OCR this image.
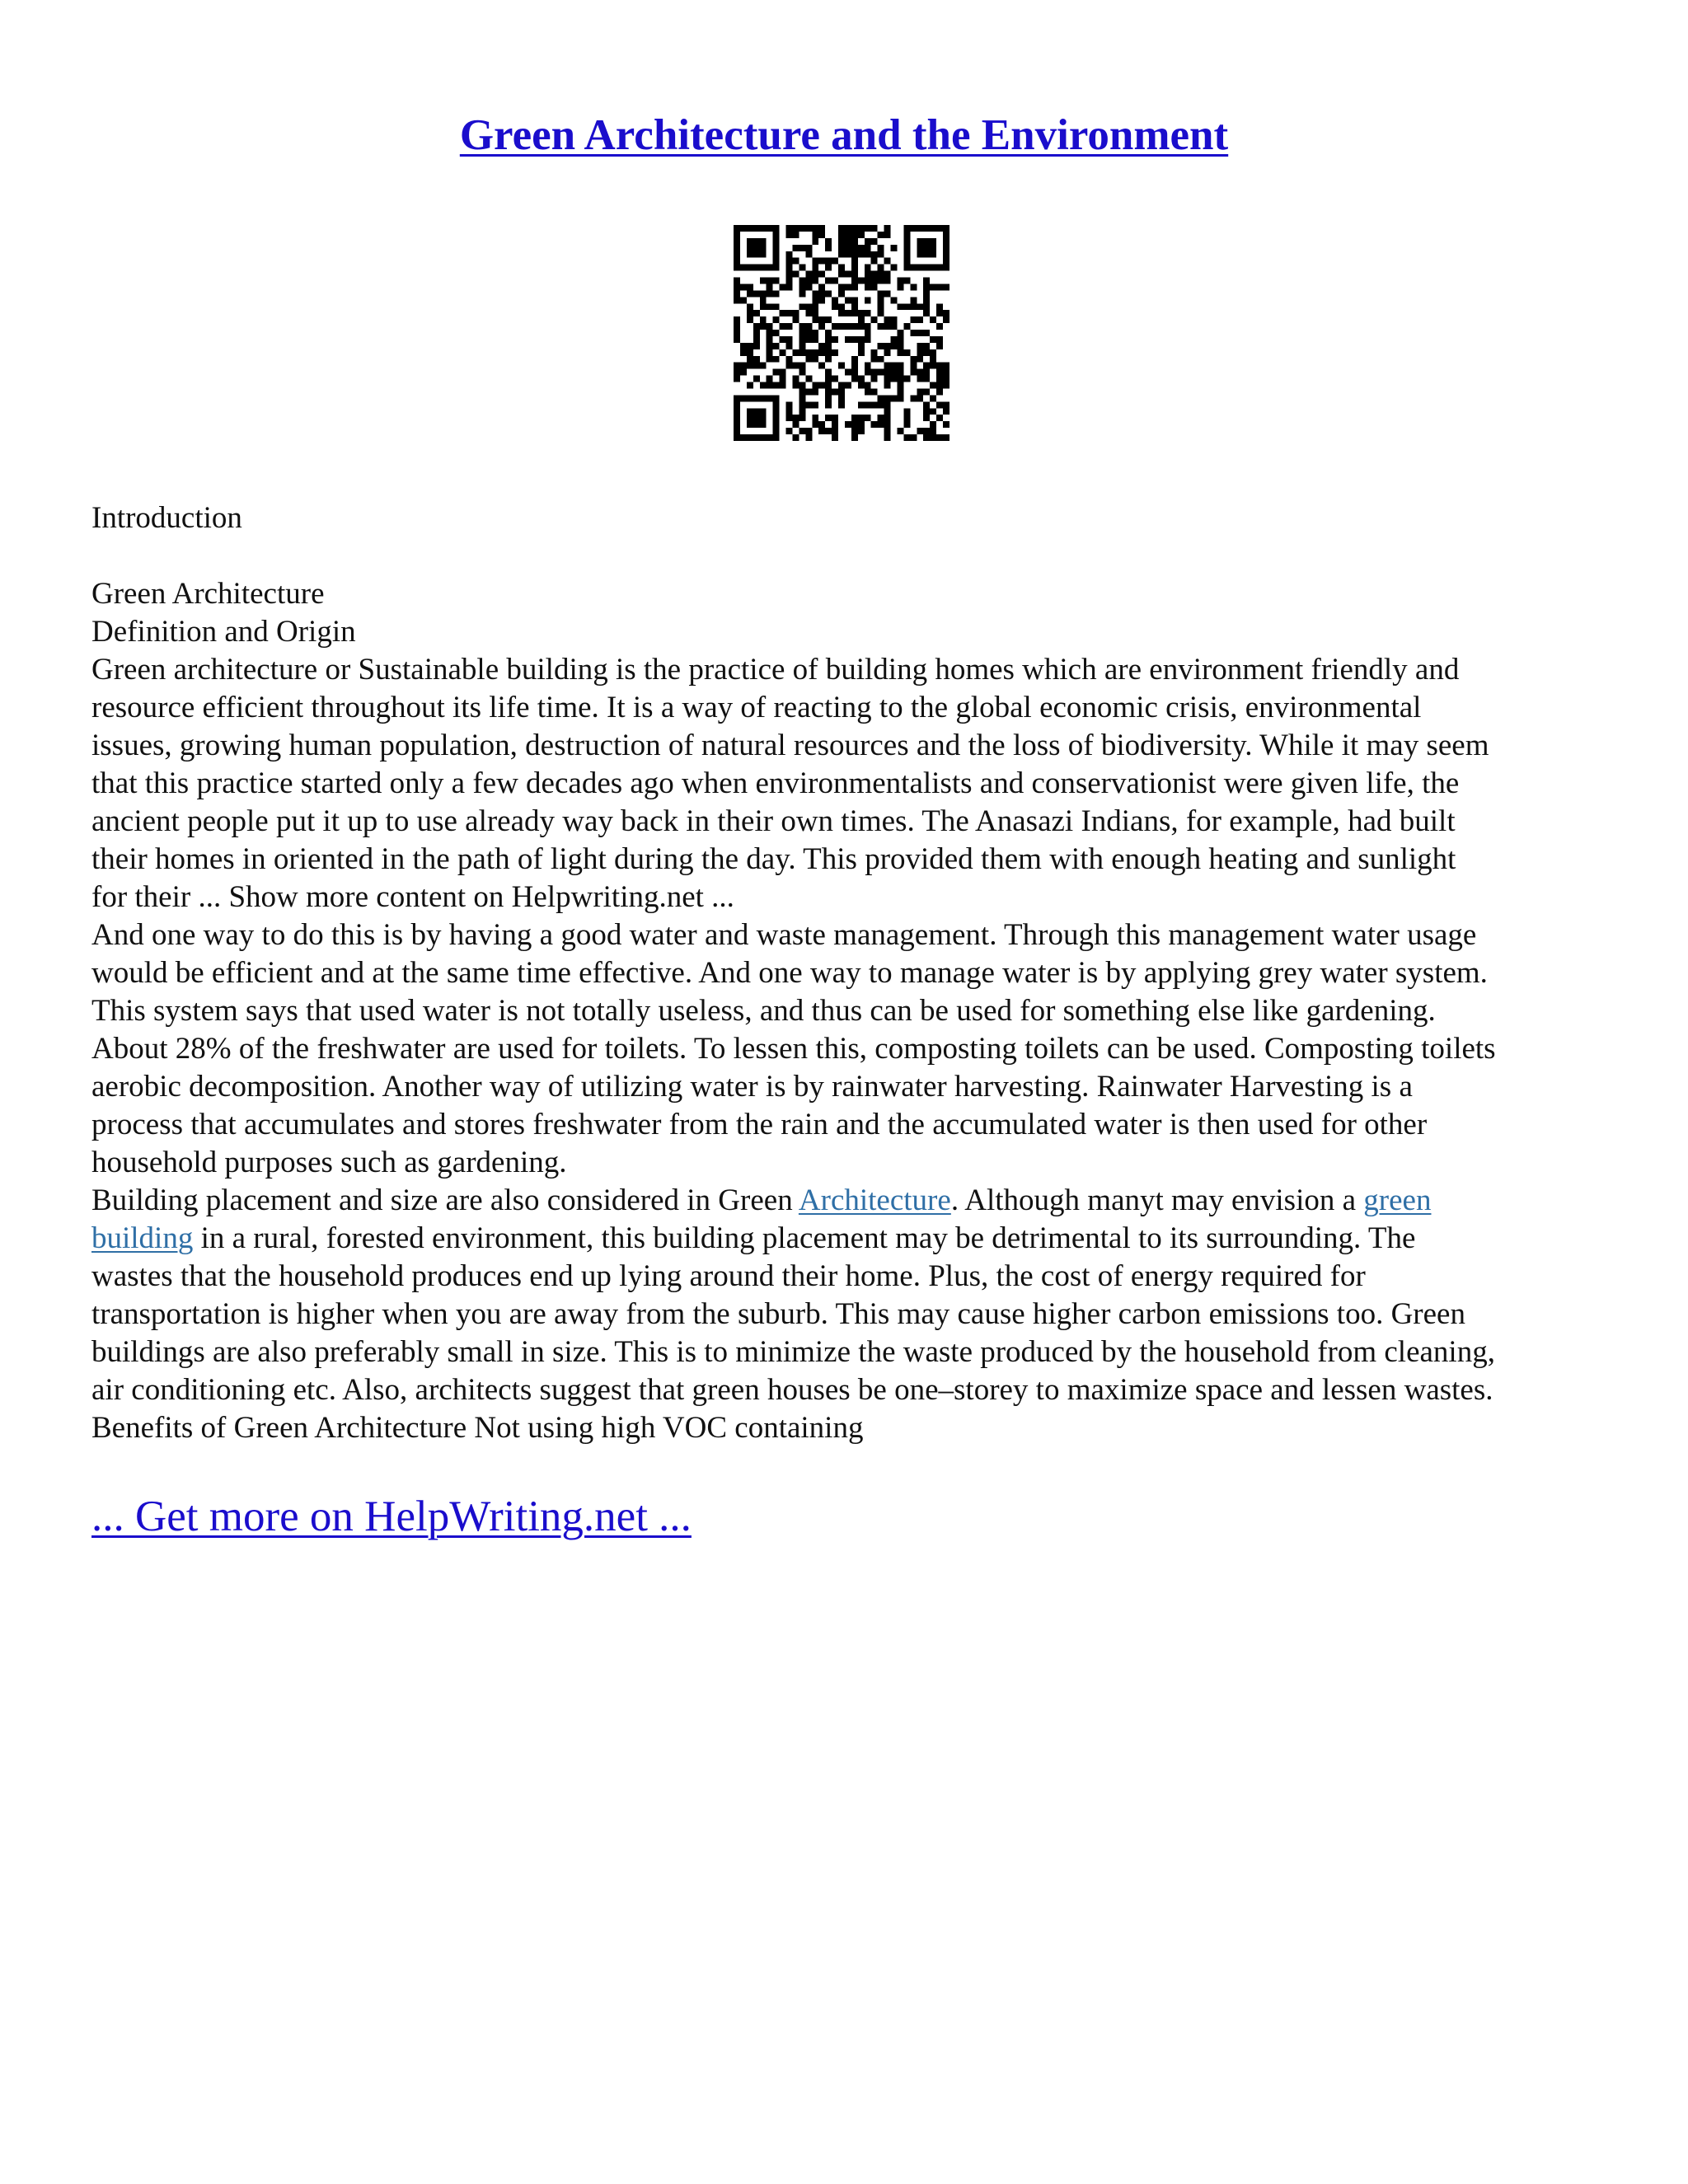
Green Architecture and the Environment

Introduction

Green Architecture

Definition and Origin

Green architecture or Sustainable building is the practice of building homes which are environment friendly and

resource efficient throughout its life time. It is a way of reacting to the global economic crisis, environmental

issues, growing human population, destruction of natural resources and the loss of biodiversity. While it may seem

that this practice started only a few decades ago when environmentalists and conservationist were given life, the

ancient people put it up to use already way back in their own times. The Anasazi Indians, for example, had built

their homes in oriented in the path of light during the day. This provided them with enough heating and sunlight

for their ... Show more content on Helpwriting.net ...

And one way to do this is by having a good water and waste management. Through this management water usage

would be efficient and at the same time effective. And one way to manage water is by applying grey water system.

This system says that used water is not totally useless, and thus can be used for something else like gardening.

About 28% of the freshwater are used for toilets. To lessen this, composting toilets can be used. Composting toilets

aerobic decomposition. Another way of utilizing water is by rainwater harvesting. Rainwater Harvesting is a

process that accumulates and stores freshwater from the rain and the accumulated water is then used for other

household purposes such as gardening.

Building placement and size are also considered in Green Architecture. Although manyt may envision a green

building in a rural, forested environment, this building placement may be detrimental to its surrounding. The

wastes that the household produces end up lying around their home. Plus, the cost of energy required for

transportation is higher when you are away from the suburb. This may cause higher carbon emissions too. Green

buildings are also preferably small in size. This is to minimize the waste produced by the household from cleaning,

air conditioning etc. Also, architects suggest that green houses be one–storey to maximize space and lessen wastes.

Benefits of Green Architecture Not using high VOC containing

... Get more on HelpWriting.net ...
